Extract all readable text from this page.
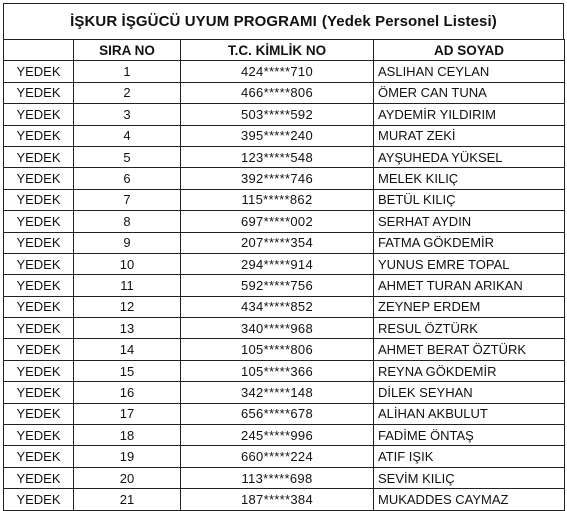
İŞKUR İŞGÜCÜ UYUM PROGRAMI (Yedek Personel Listesi)
	SIRA NO	T.C. KİMLİK NO	AD SOYAD
YEDEK	1	424*****710	ASLIHAN CEYLAN
YEDEK	2	466*****806	ÖMER CAN TUNA
YEDEK	3	503*****592	AYDEMİR YILDIRIM
YEDEK	4	395*****240	MURAT ZEKİ
YEDEK	5	123*****548	AYŞUHEDA YÜKSEL
YEDEK	6	392*****746	MELEK KILIÇ
YEDEK	7	115*****862	BETÜL KILIÇ
YEDEK	8	697*****002	SERHAT AYDIN
YEDEK	9	207*****354	FATMA GÖKDEMİR
YEDEK	10	294*****914	YUNUS EMRE TOPAL
YEDEK	11	592*****756	AHMET TURAN ARIKAN
YEDEK	12	434*****852	ZEYNEP ERDEM
YEDEK	13	340*****968	RESUL ÖZTÜRK
YEDEK	14	105*****806	AHMET BERAT ÖZTÜRK
YEDEK	15	105*****366	REYNA GÖKDEMİR
YEDEK	16	342*****148	DİLEK SEYHAN
YEDEK	17	656*****678	ALİHAN AKBULUT
YEDEK	18	245*****996	FADİME ÖNTAŞ
YEDEK	19	660*****224	ATIF IŞIK
YEDEK	20	113*****698	SEVİM KILIÇ
YEDEK	21	187*****384	MUKADDES CAYMAZ
